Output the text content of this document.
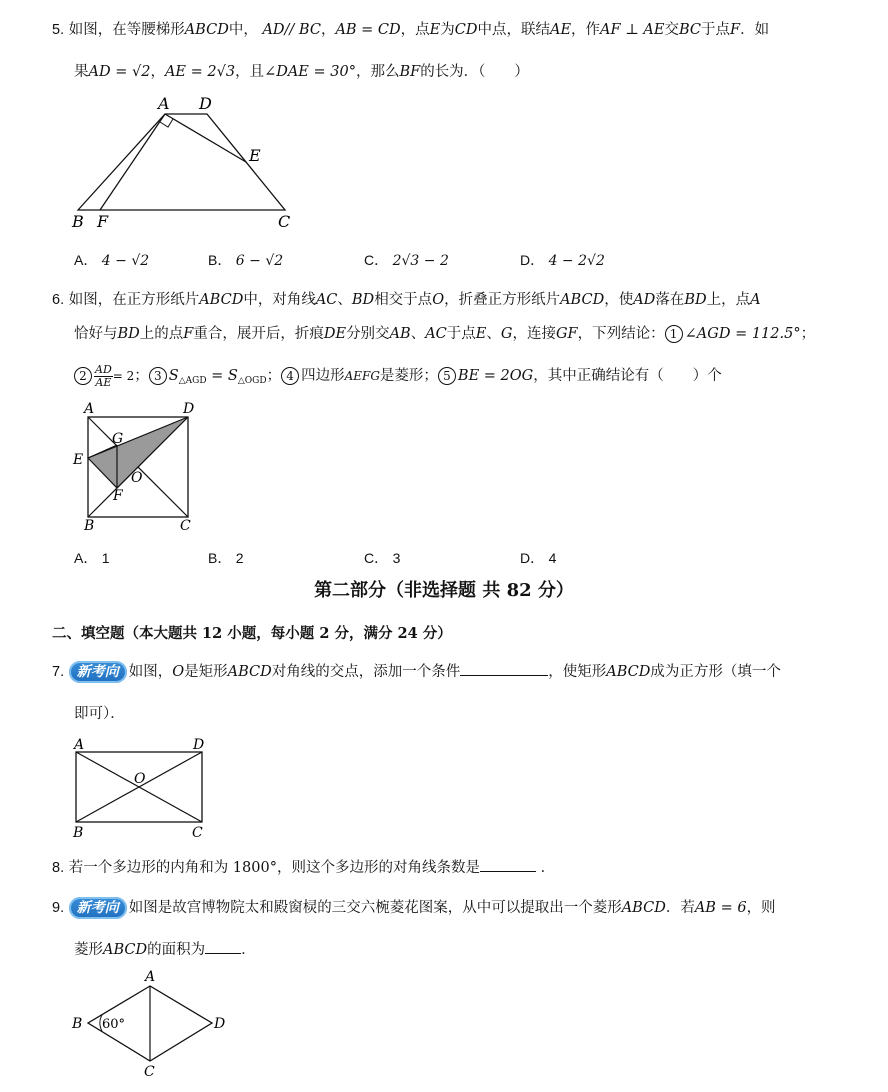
5. 如图，在等腰梯形ABCD中， AD// BC，AB = CD，点E为CD中点，联结AE，作AF ⊥ AE交BC于点F．如
果AD = √2，AE = 2√3，且∠DAE = 30°，那么BF的长为．（　　）
A D
E
B F	C
A． 4 − √2	B． 6 − √2	C． 2√3 − 2	D． 4 − 2√2
6. 如图，在正方形纸片ABCD中，对角线AC、BD相交于点O，折叠正方形纸片ABCD，使AD落在BD上，点A
恰好与BD上的点F重合，展开后，折痕DE分别交AB、AC于点E、G，连接GF，下列结论： 1 ∠AGD = 112.5°；
$2 \frac{AD}{AE} = 2$； 3 $S_{\triangle AGD} = S_{\triangle OGD}$； 4 四边形AEFG是菱形； 5 BE = 2OG，其中正确结论有（　　）个
A	D
G
E
O
F
B	C
A． 1	B． 2	C． 3	D． 4
第二部分（非选择题 共 82 分）
二、填空题（本大题共 12 小题，每小题 2 分，满分 24 分）
7. 新考向 如图，O是矩形ABCD对角线的交点，添加一个条件	，使矩形ABCD成为正方形（填一个
即可）．
A	D
O
B	C
8. 若一个多边形的内角和为 1800°，则这个多边形的对角线条数是	．
9. 新考向 如图是故宫博物院太和殿窗棂的三交六椀菱花图案，从中可以提取出一个菱形ABCD．若AB = 6，则
菱形ABCD的面积为 ．
A
B 60°	D
C
